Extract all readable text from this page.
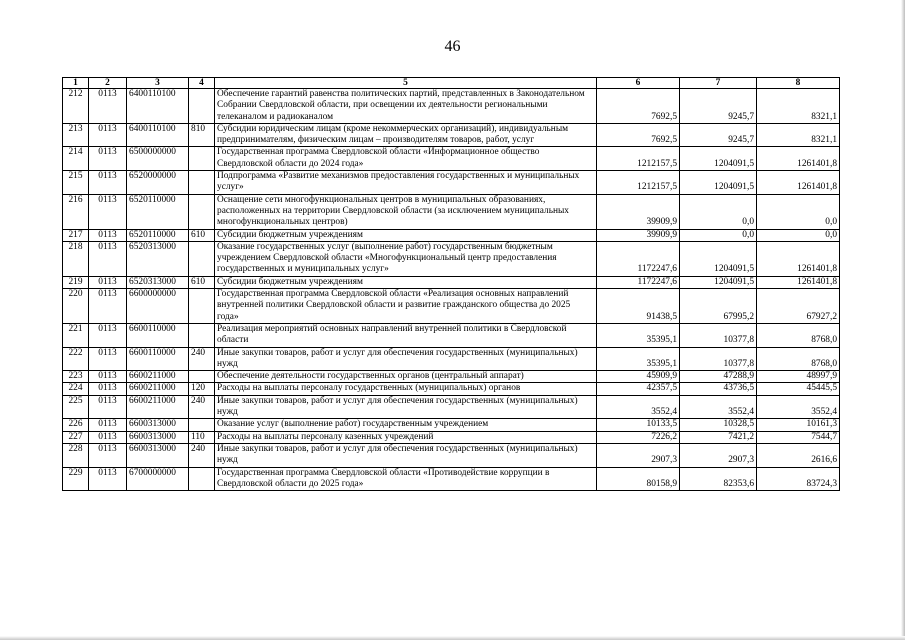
46
1	2	3	4	5	6	7	8
212	0113	6400110100		Обеспечение гарантий равенства политических партий, представленных в Законодательном Собрании Свердловской области, при освещении их деятельности региональными телеканалом и радиоканалом	7692,5	9245,7	8321,1
213	0113	6400110100	810	Субсидии юридическим лицам (кроме некоммерческих организаций), индивидуальным предпринимателям, физическим лицам – производителям товаров, работ, услуг	7692,5	9245,7	8321,1
214	0113	6500000000		Государственная программа Свердловской области «Информационное общество Свердловской области до 2024 года»	1212157,5	1204091,5	1261401,8
215	0113	6520000000		Подпрограмма «Развитие механизмов предоставления государственных и муниципальных услуг»	1212157,5	1204091,5	1261401,8
216	0113	6520110000		Оснащение сети многофункциональных центров в муниципальных образованиях, расположенных на территории Свердловской области (за исключением муниципальных многофункциональных центров)	39909,9	0,0	0,0
217	0113	6520110000	610	Субсидии бюджетным учреждениям	39909,9	0,0	0,0
218	0113	6520313000		Оказание государственных услуг (выполнение работ) государственным бюджетным учреждением Свердловской области «Многофункциональный центр предоставления государственных и муниципальных услуг»	1172247,6	1204091,5	1261401,8
219	0113	6520313000	610	Субсидии бюджетным учреждениям	1172247,6	1204091,5	1261401,8
220	0113	6600000000		Государственная программа Свердловской области «Реализация основных направлений внутренней политики Свердловской области и развитие гражданского общества до 2025 года»	91438,5	67995,2	67927,2
221	0113	6600110000		Реализация мероприятий основных направлений внутренней политики в Свердловской области	35395,1	10377,8	8768,0
222	0113	6600110000	240	Иные закупки товаров, работ и услуг для обеспечения государственных (муниципальных) нужд	35395,1	10377,8	8768,0
223	0113	6600211000		Обеспечение деятельности государственных органов (центральный аппарат)	45909,9	47288,9	48997,9
224	0113	6600211000	120	Расходы на выплаты персоналу государственных (муниципальных) органов	42357,5	43736,5	45445,5
225	0113	6600211000	240	Иные закупки товаров, работ и услуг для обеспечения государственных (муниципальных) нужд	3552,4	3552,4	3552,4
226	0113	6600313000		Оказание услуг (выполнение работ) государственным учреждением	10133,5	10328,5	10161,3
227	0113	6600313000	110	Расходы на выплаты персоналу казенных учреждений	7226,2	7421,2	7544,7
228	0113	6600313000	240	Иные закупки товаров, работ и услуг для обеспечения государственных (муниципальных) нужд	2907,3	2907,3	2616,6
229	0113	6700000000		Государственная программа Свердловской области «Противодействие коррупции в Свердловской области до 2025 года»	80158,9	82353,6	83724,3
